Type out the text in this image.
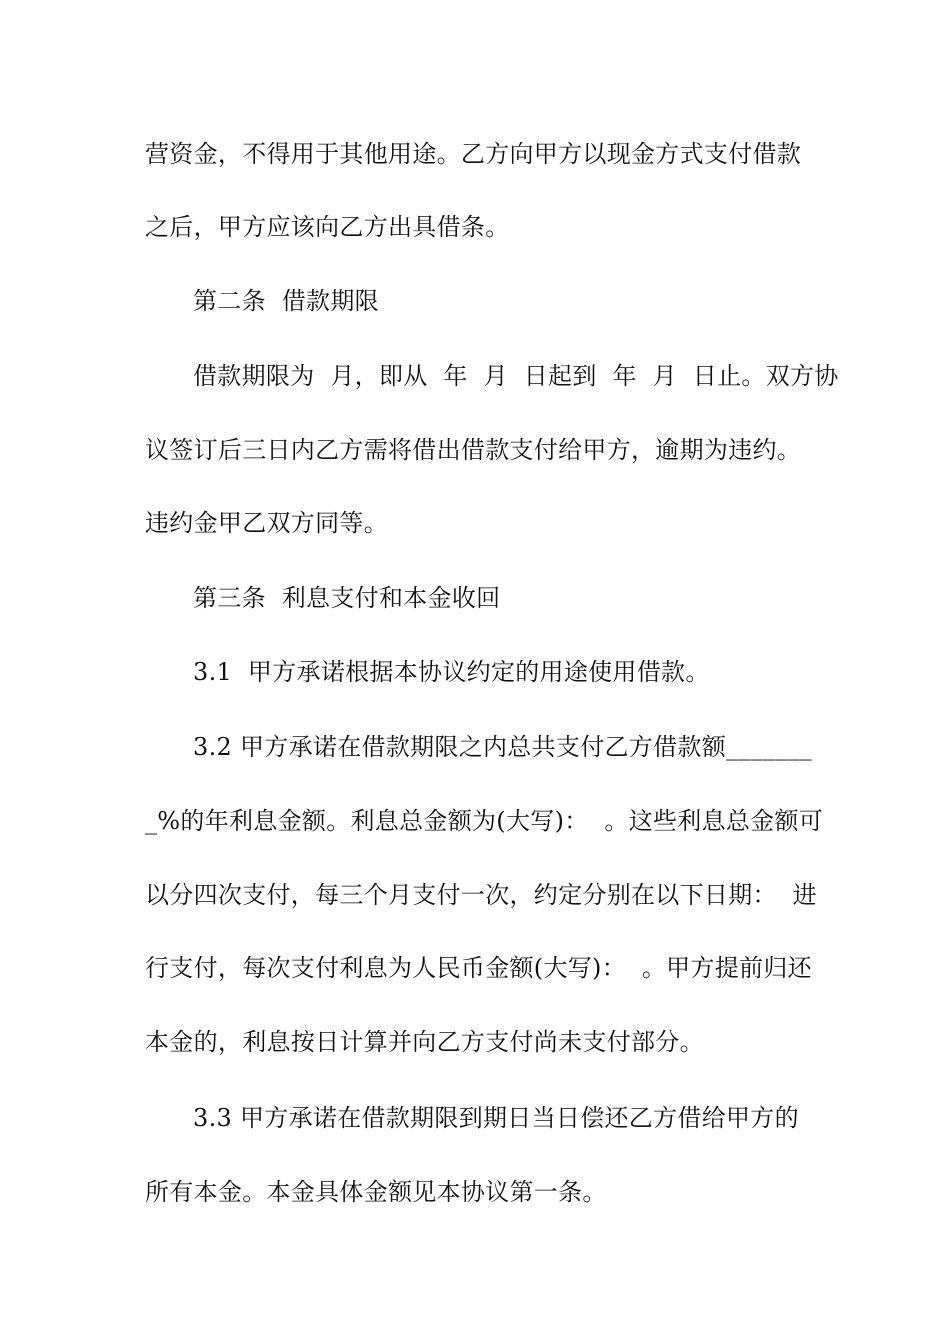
营资金，不得用于其他用途。乙方向甲方以现金方式支付借款
之后，甲方应该向乙方出具借条。
第二条  借款期限
借款期限为  月，即从  年  月  日起到  年  月  日止。双方协
议签订后三日内乙方需将借出借款支付给甲方，逾期为违约。
违约金甲乙双方同等。
第三条  利息支付和本金收回
3.1  甲方承诺根据本协议约定的用途使用借款。
3.2 甲方承诺在借款期限之内总共支付乙方借款额_______
_%的年利息金额。利息总金额为(大写)：  。这些利息总金额可
以分四次支付，每三个月支付一次，约定分别在以下日期：  进
行支付，每次支付利息为人民币金额(大写)：  。甲方提前归还
本金的，利息按日计算并向乙方支付尚未支付部分。
3.3 甲方承诺在借款期限到期日当日偿还乙方借给甲方的
所有本金。本金具体金额见本协议第一条。
